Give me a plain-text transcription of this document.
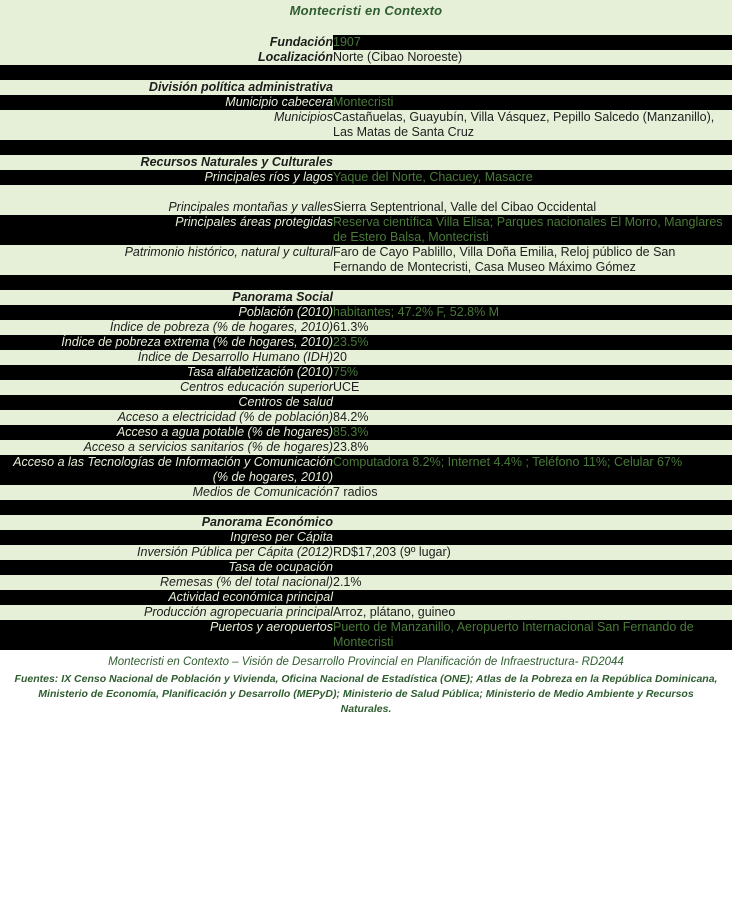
Montecristi en Contexto

Fundación	1907
Localización	Norte (Cibao Noroeste)

División política administrativa	
Municipio cabecera	Montecristi
Municipios	Castañuelas, Guayubín, Villa Vásquez, Pepillo Salcedo (Manzanillo), Las Matas de Santa Cruz

Recursos Naturales y Culturales	
Principales ríos y lagos	Yaque del Norte, Chacuey, Masacre

Principales montañas y valles	Sierra Septentrional, Valle del Cibao Occidental
Principales áreas protegidas	Reserva científica Villa Elisa; Parques nacionales El Morro, Manglares de Estero Balsa, Montecristi
Patrimonio histórico, natural y cultural	Faro de Cayo Pablillo, Villa Doña Emilia, Reloj público de San Fernando de Montecristi, Casa Museo Máximo Gómez

Panorama Social	
Población (2010)	habitantes; 47.2% F, 52.8% M
Índice de pobreza (% de hogares, 2010)	61.3%
Índice de pobreza extrema (% de hogares, 2010)	23.5%
Índice de Desarrollo Humano (IDH)	20
Tasa alfabetización (2010)	75%
Centros educación superior	UCE
Centros de salud	
Acceso a electricidad (% de población)	84.2%
Acceso a agua potable (% de hogares)	85.3%
Acceso a servicios sanitarios (% de hogares)	23.8%
Acceso a las Tecnologías de Información y Comunicación (% de hogares, 2010)	Computadora 8.2%; Internet 4.4% ; Teléfono 11%; Celular 67%
Medios de Comunicación	7 radios

Panorama Económico	
Ingreso per Cápita	
Inversión Pública per Cápita (2012)	RD$17,203 (9º lugar)
Tasa de ocupación	
Remesas (% del total nacional)	2.1%
Actividad económica principal	
Producción agropecuaria principal	Arroz, plátano, guineo
Puertos y aeropuertos	Puerto de Manzanillo, Aeropuerto Internacional San Fernando de Montecristi
Montecristi en Contexto – Visión de Desarrollo Provincial en Planificación de Infraestructura- RD2044
Fuentes: IX Censo Nacional de Población y Vivienda, Oficina Nacional de Estadística (ONE); Atlas de la Pobreza en la República Dominicana, Ministerio de Economía, Planificación y Desarrollo (MEPyD); Ministerio de Salud Pública; Ministerio de Medio Ambiente y Recursos Naturales.
